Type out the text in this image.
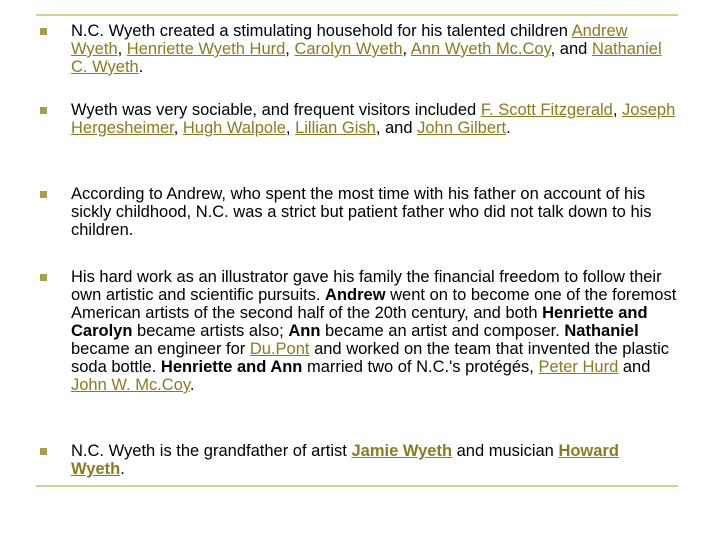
N.C. Wyeth created a stimulating household for his talented children Andrew Wyeth, Henriette Wyeth Hurd, Carolyn Wyeth, Ann Wyeth Mc.Coy, and Nathaniel C. Wyeth.
Wyeth was very sociable, and frequent visitors included F. Scott Fitzgerald, Joseph Hergesheimer, Hugh Walpole, Lillian Gish, and John Gilbert.
According to Andrew, who spent the most time with his father on account of his sickly childhood, N.C. was a strict but patient father who did not talk down to his children.
His hard work as an illustrator gave his family the financial freedom to follow their own artistic and scientific pursuits. Andrew went on to become one of the foremost American artists of the second half of the 20th century, and both Henriette and Carolyn became artists also; Ann became an artist and composer. Nathaniel became an engineer for Du.Pont and worked on the team that invented the plastic soda bottle. Henriette and Ann married two of N.C.'s protégés, Peter Hurd and John W. Mc.Coy.
N.C. Wyeth is the grandfather of artist Jamie Wyeth and musician Howard Wyeth.
